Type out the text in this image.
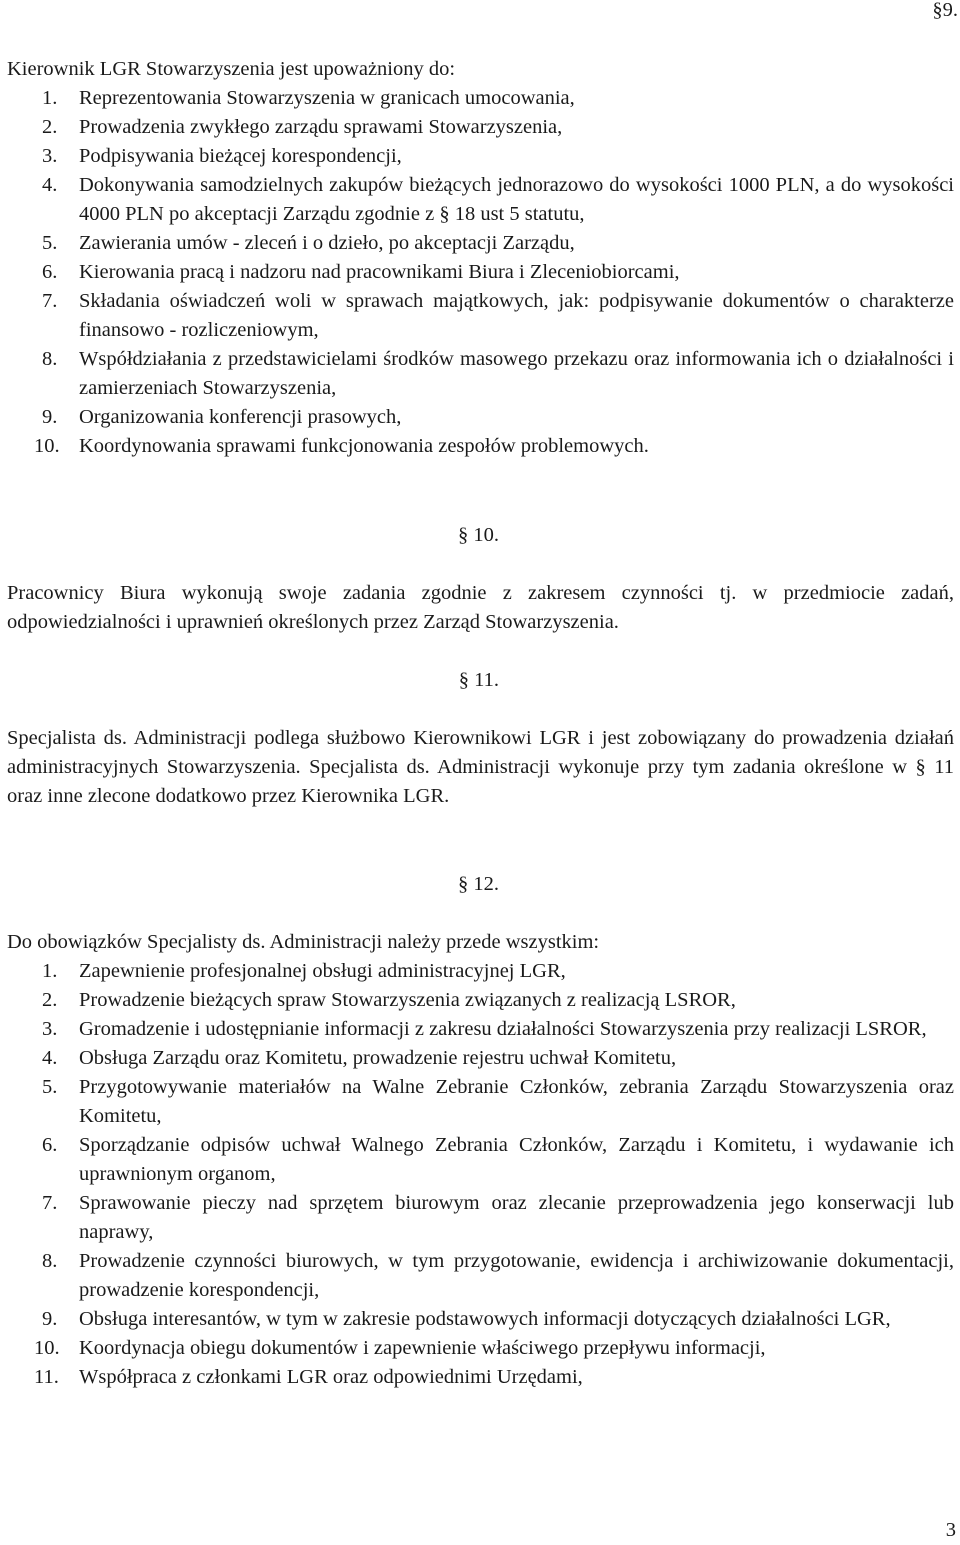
§9.

Kierownik LGR Stowarzyszenia jest upoważniony do:

1. Reprezentowania Stowarzyszenia w granicach umocowania,
2. Prowadzenia zwykłego zarządu sprawami Stowarzyszenia,
3. Podpisywania bieżącej korespondencji,
4. Dokonywania samodzielnych zakupów bieżących jednorazowo do wysokości 1000 PLN, a do wysokości 4000 PLN po akceptacji Zarządu zgodnie z § 18 ust 5 statutu,
5. Zawierania umów - zleceń i o dzieło, po akceptacji Zarządu,
6. Kierowania pracą i nadzoru nad pracownikami Biura i Zleceniobiorcami,
7. Składania oświadczeń woli w sprawach majątkowych, jak: podpisywanie dokumentów o charakterze finansowo - rozliczeniowym,
8. Współdziałania z przedstawicielami środków masowego przekazu oraz informowania ich o działalności i zamierzeniach Stowarzyszenia,
9. Organizowania konferencji prasowych,
10. Koordynowania sprawami funkcjonowania zespołów problemowych.
§ 10.

Pracownicy Biura wykonują swoje zadania zgodnie z zakresem czynności tj. w przedmiocie zadań, odpowiedzialności i uprawnień określonych przez Zarząd Stowarzyszenia.

§ 11.

Specjalista ds. Administracji podlega służbowo Kierownikowi LGR i jest zobowiązany do prowadzenia działań administracyjnych Stowarzyszenia. Specjalista ds. Administracji wykonuje przy tym zadania określone w § 11 oraz inne zlecone dodatkowo przez Kierownika LGR.

§ 12.

Do obowiązków Specjalisty ds. Administracji należy przede wszystkim:

1. Zapewnienie profesjonalnej obsługi administracyjnej LGR,
2. Prowadzenie bieżących spraw Stowarzyszenia związanych z realizacją LSROR,
3. Gromadzenie i udostępnianie informacji z zakresu działalności Stowarzyszenia przy realizacji LSROR,
4. Obsługa Zarządu oraz Komitetu, prowadzenie rejestru uchwał Komitetu,
5. Przygotowywanie materiałów na Walne Zebranie Członków, zebrania Zarządu Stowarzyszenia oraz Komitetu,
6. Sporządzanie odpisów uchwał Walnego Zebrania Członków, Zarządu i Komitetu, i wydawanie ich uprawnionym organom,
7. Sprawowanie pieczy nad sprzętem biurowym oraz zlecanie przeprowadzenia jego konserwacji lub naprawy,
8. Prowadzenie czynności biurowych, w tym przygotowanie, ewidencja i archiwizowanie dokumentacji, prowadzenie korespondencji,
9. Obsługa interesantów, w tym w zakresie podstawowych informacji dotyczących działalności LGR,
10. Koordynacja obiegu dokumentów i zapewnienie właściwego przepływu informacji,
11. Współpraca z członkami LGR oraz odpowiednimi Urzędami,
3
